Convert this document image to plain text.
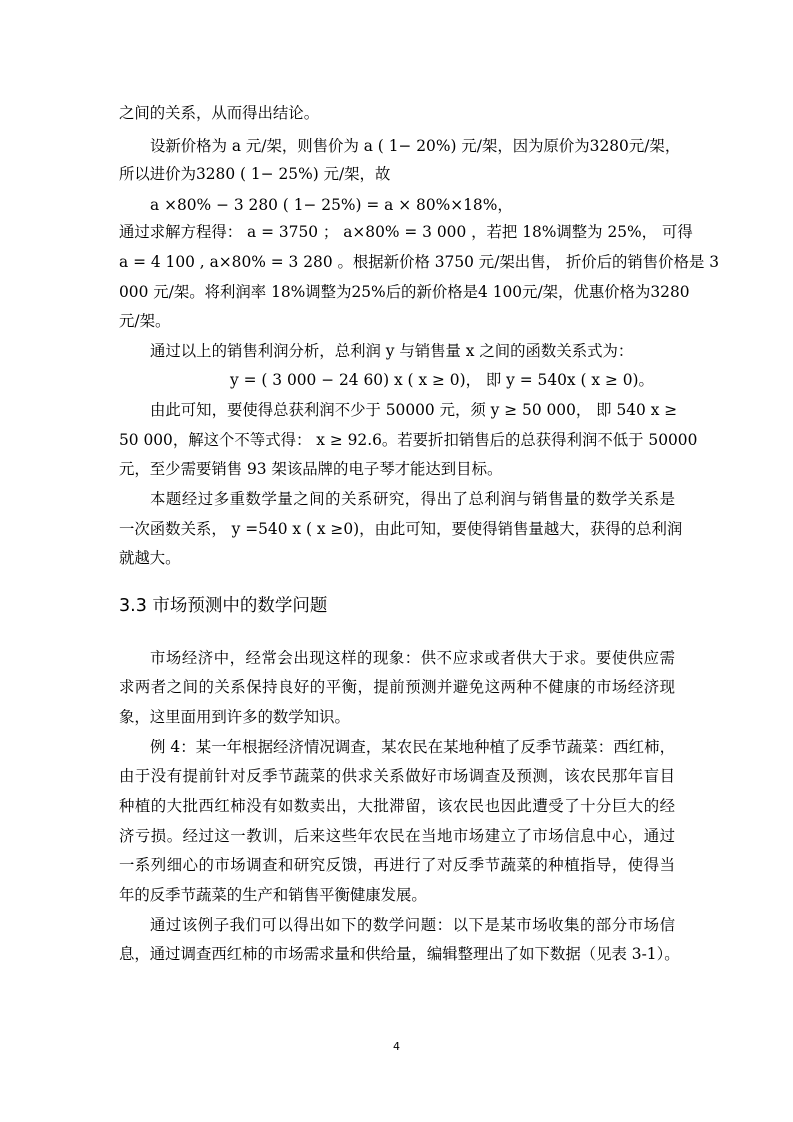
之间的关系，从而得出结论。
设新价格为 a 元/架，则售价为 a ( 1− 20%) 元/架，因为原价为3280元/架，
所以进价为3280 ( 1− 25%) 元/架，故
a ×80% − 3 280 ( 1− 25%) = a × 80%×18%，
通过求解方程得： a = 3750 ； a×80% = 3 000 ，若把 18%调整为 25%， 可得
a = 4 100 , a×80% = 3 280 。根据新价格 3750 元/架出售， 折价后的销售价格是 3
000 元/架。将利润率 18%调整为25%后的新价格是4 100元/架，优惠价格为3280
元/架。
通过以上的销售利润分析，总利润 y 与销售量 x 之间的函数关系式为：
y = ( 3 000 − 24 60) x ( x ≥ 0)， 即 y = 540x ( x ≥ 0)。
由此可知，要使得总获利润不少于 50000 元，须 y ≥ 50 000， 即 540 x ≥
50 000，解这个不等式得： x ≥ 92.6。若要折扣销售后的总获得利润不低于 50000
元，至少需要销售 93 架该品牌的电子琴才能达到目标。
本题经过多重数学量之间的关系研究，得出了总利润与销售量的数学关系是
一次函数关系， y =540 x ( x ≥0)，由此可知，要使得销售量越大，获得的总利润
就越大。
3.3 市场预测中的数学问题
市场经济中，经常会出现这样的现象：供不应求或者供大于求。要使供应需
求两者之间的关系保持良好的平衡，提前预测并避免这两种不健康的市场经济现
象，这里面用到许多的数学知识。
例 4：某一年根据经济情况调查，某农民在某地种植了反季节蔬菜：西红柿，
由于没有提前针对反季节蔬菜的供求关系做好市场调查及预测，该农民那年盲目
种植的大批西红柿没有如数卖出，大批滞留，该农民也因此遭受了十分巨大的经
济亏损。经过这一教训，后来这些年农民在当地市场建立了市场信息中心，通过
一系列细心的市场调查和研究反馈，再进行了对反季节蔬菜的种植指导，使得当
年的反季节蔬菜的生产和销售平衡健康发展。
通过该例子我们可以得出如下的数学问题：以下是某市场收集的部分市场信
息，通过调查西红柿的市场需求量和供给量，编辑整理出了如下数据（见表 3-1）。
4
